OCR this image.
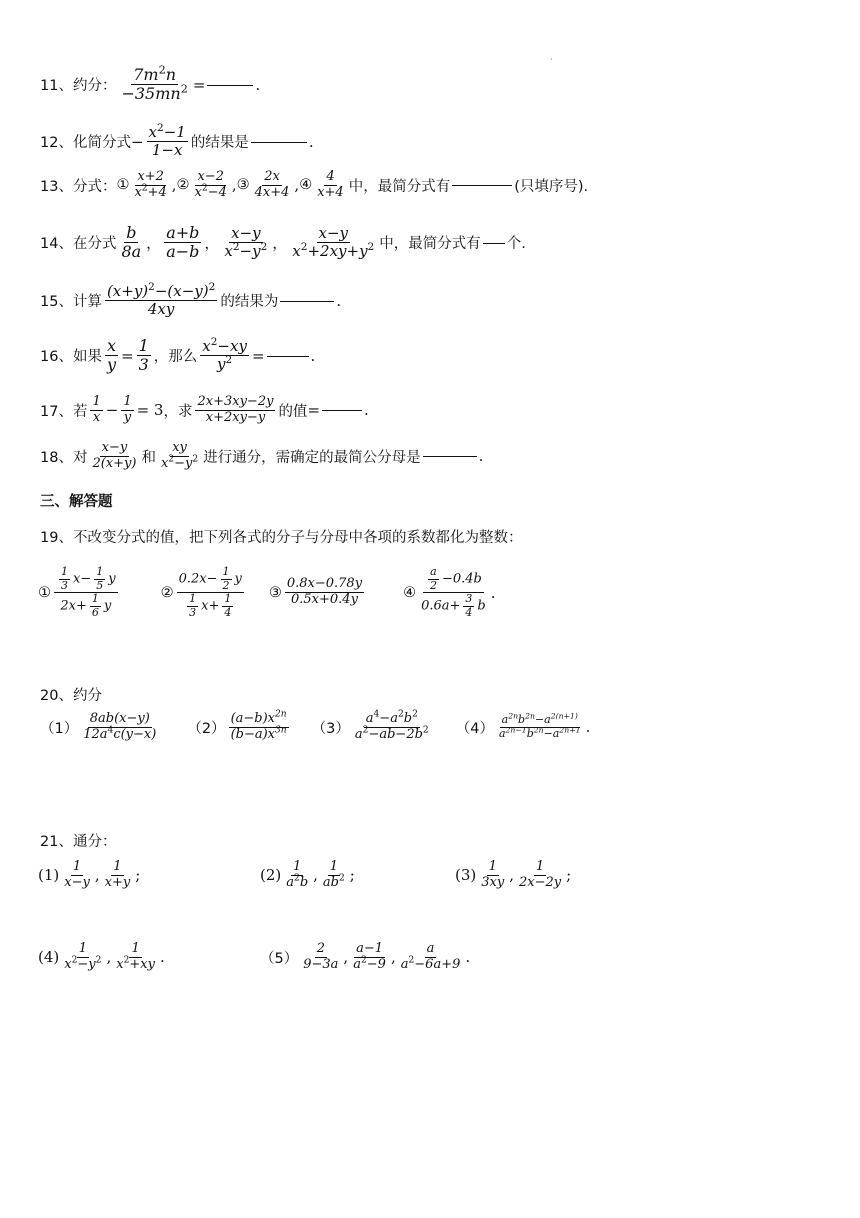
·
11、 约分： $\frac{7m^2n}{-35mn^2}$ =	.
12、 化简分式 − $\frac{x^2-1}{1-x}$ 的结果是	.
13、 分式： ①
x+2
$x^2+4$ , ②
x−2
$x^2-4$ , ③
2x
4x+4 , ④
4
x+4 中，最简分式有	(只填序号).
14、 在分式
b
8a ，
a+b
a−b ，
x−y
$x^2-y^2$ ，
x−y
$x^2+2xy+y^2$ 中，最简分式有 个.
15、 计算
$(x+y)^2-(x-y)^2$
4xy	的结果为	.
16、 如果 $\frac{x}{y} = \frac{1}{3}$ ，那么 $\frac{x^2-xy}{y^2}$ =	.
17、 若
1
$x - \frac{1}{y} = 3$ ，求
2x+3xy−2y
x+2xy−y 的值 =	.
18、 对
x−y
2(x+y) 和
xy
$x^2-y^2$ 进行通分，需确定的最简公分母是	.
三、解答题
19、 不改变分式的值，把下列各式的分子与分母中各项的系数都化为整数：
①
$\frac{1}{3} x- \frac{1}{5}$ y
$2x+ \frac{1}{6}$ y
②
$0.2x- \frac{1}{2}$ y
$\frac{1}{3} x+ \frac{1}{4}$
③
0.8x−0.78y
0.5x+0.4y	④
$\frac{a}{2} -0.4b$
$0.6a+ \frac{3}{4}$ b
.
20、 约分
（1）
8ab(x−y)
$12a^4c(y-x)$ （2）
$(a-b)x^{2n}$
$(b-a)x^{3n}$ （3）
$a^4-a^2b^2$
$a^2-ab-2b^2$ （4）
$a^{2n}b^{2n}-a^{2(n+1)}$
$a^{2n-1}b^{2n}-a^{2n+1}$ .
21、 通分：
(1) 1
x−y , 1
x+y ;	(2) 1
$a^2b$ , 1
$ab^2$ ;	(3) 1
3xy , 1
2x−2y ;
(4) 1
$x^2-y^2$ , 1
$x^2+xy$ .	（5）
2
9−3a , a−1
$a^2-9$ , a
$a^2-6a+9$ .
